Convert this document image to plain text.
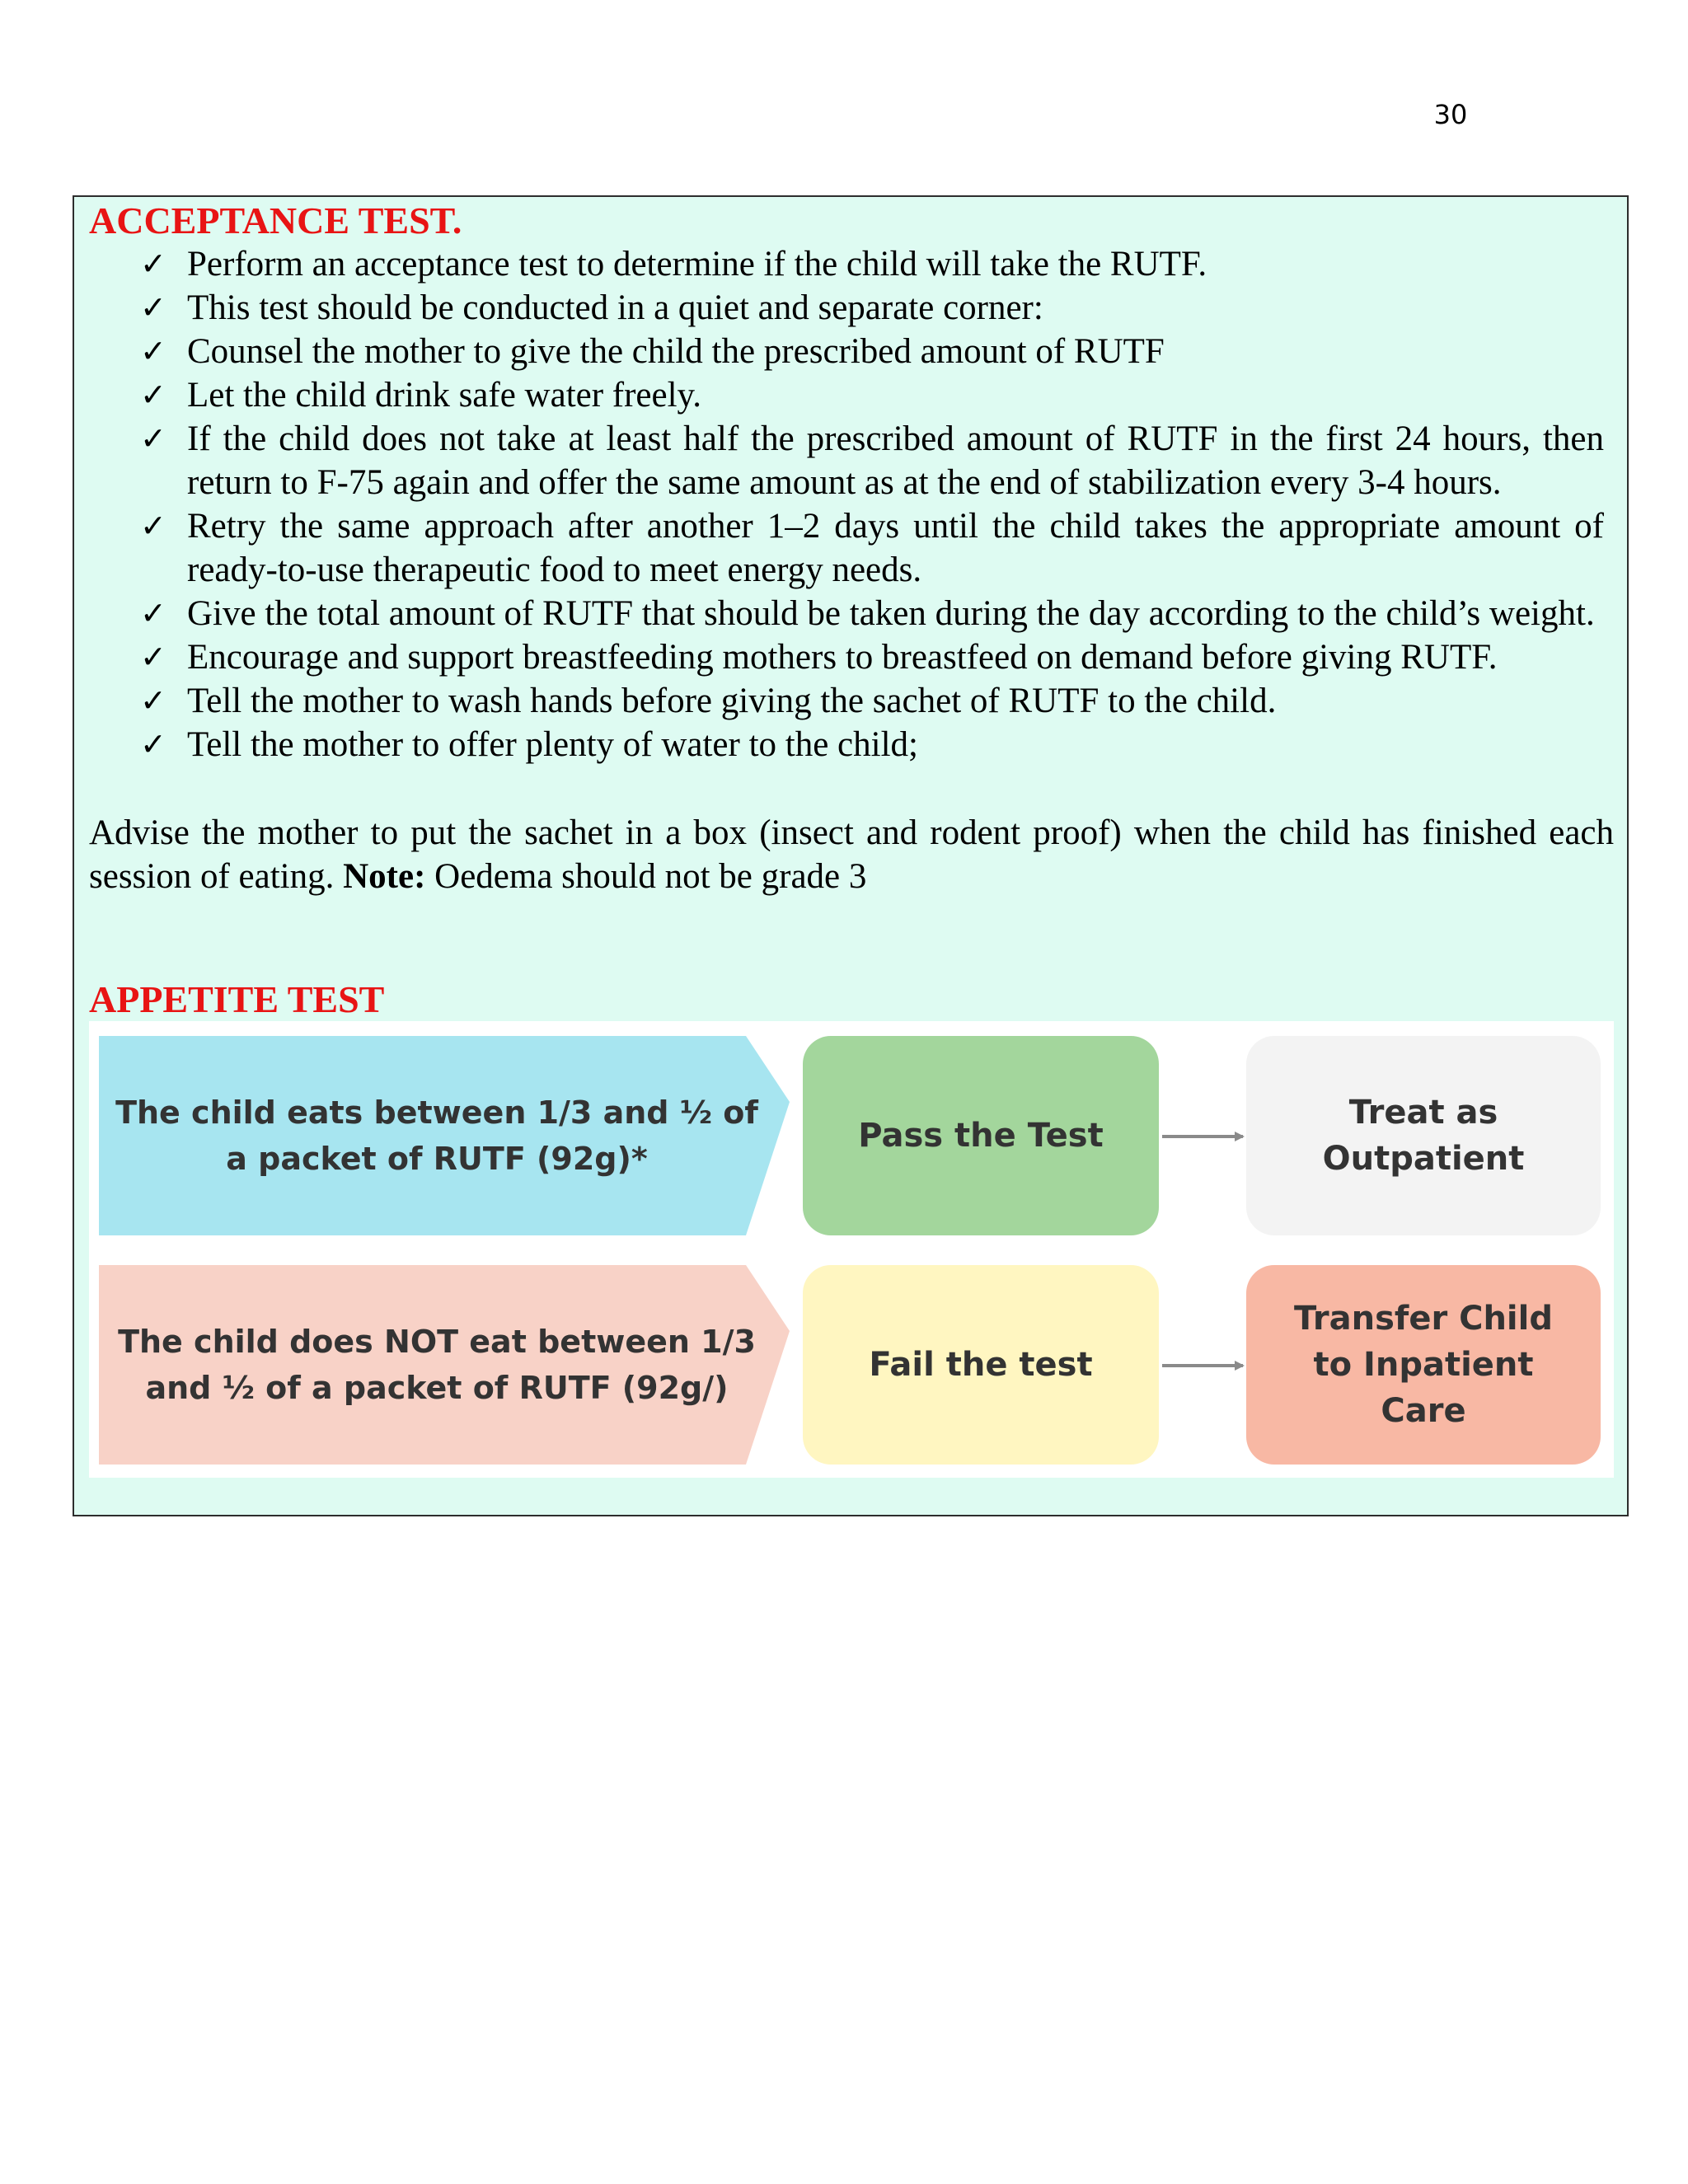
30
ACCEPTANCE TEST.
✓ Perform an acceptance test to determine if the child will take the RUTF.
✓ This test should be conducted in a quiet and separate corner:
✓ Counsel the mother to give the child the prescribed amount of RUTF
✓ Let the child drink safe water freely.
✓ If the child does not take at least half the prescribed amount of RUTF in the first 24 hours, then return to F-75 again and offer the same amount as at the end of stabilization every 3-4 hours.
✓ Retry the same approach after another 1–2 days until the child takes the appropriate amount of ready-to-use therapeutic food to meet energy needs.
✓ Give the total amount of RUTF that should be taken during the day according to the child’s weight.
✓ Encourage and support breastfeeding mothers to breastfeed on demand before giving RUTF.
✓ Tell the mother to wash hands before giving the sachet of RUTF to the child.
✓ Tell the mother to offer plenty of water to the child;

Advise the mother to put the sachet in a box (insect and rodent proof) when the child has finished each session of eating. Note: Oedema should not be grade 3

APPETITE TEST
The child eats between 1/3 and ½ of a packet of RUTF (92g)*
Pass the Test
Treat as Outpatient
The child does NOT eat between 1/3 and ½ of a packet of RUTF (92g/)
Fail the test
Transfer Child to Inpatient Care
